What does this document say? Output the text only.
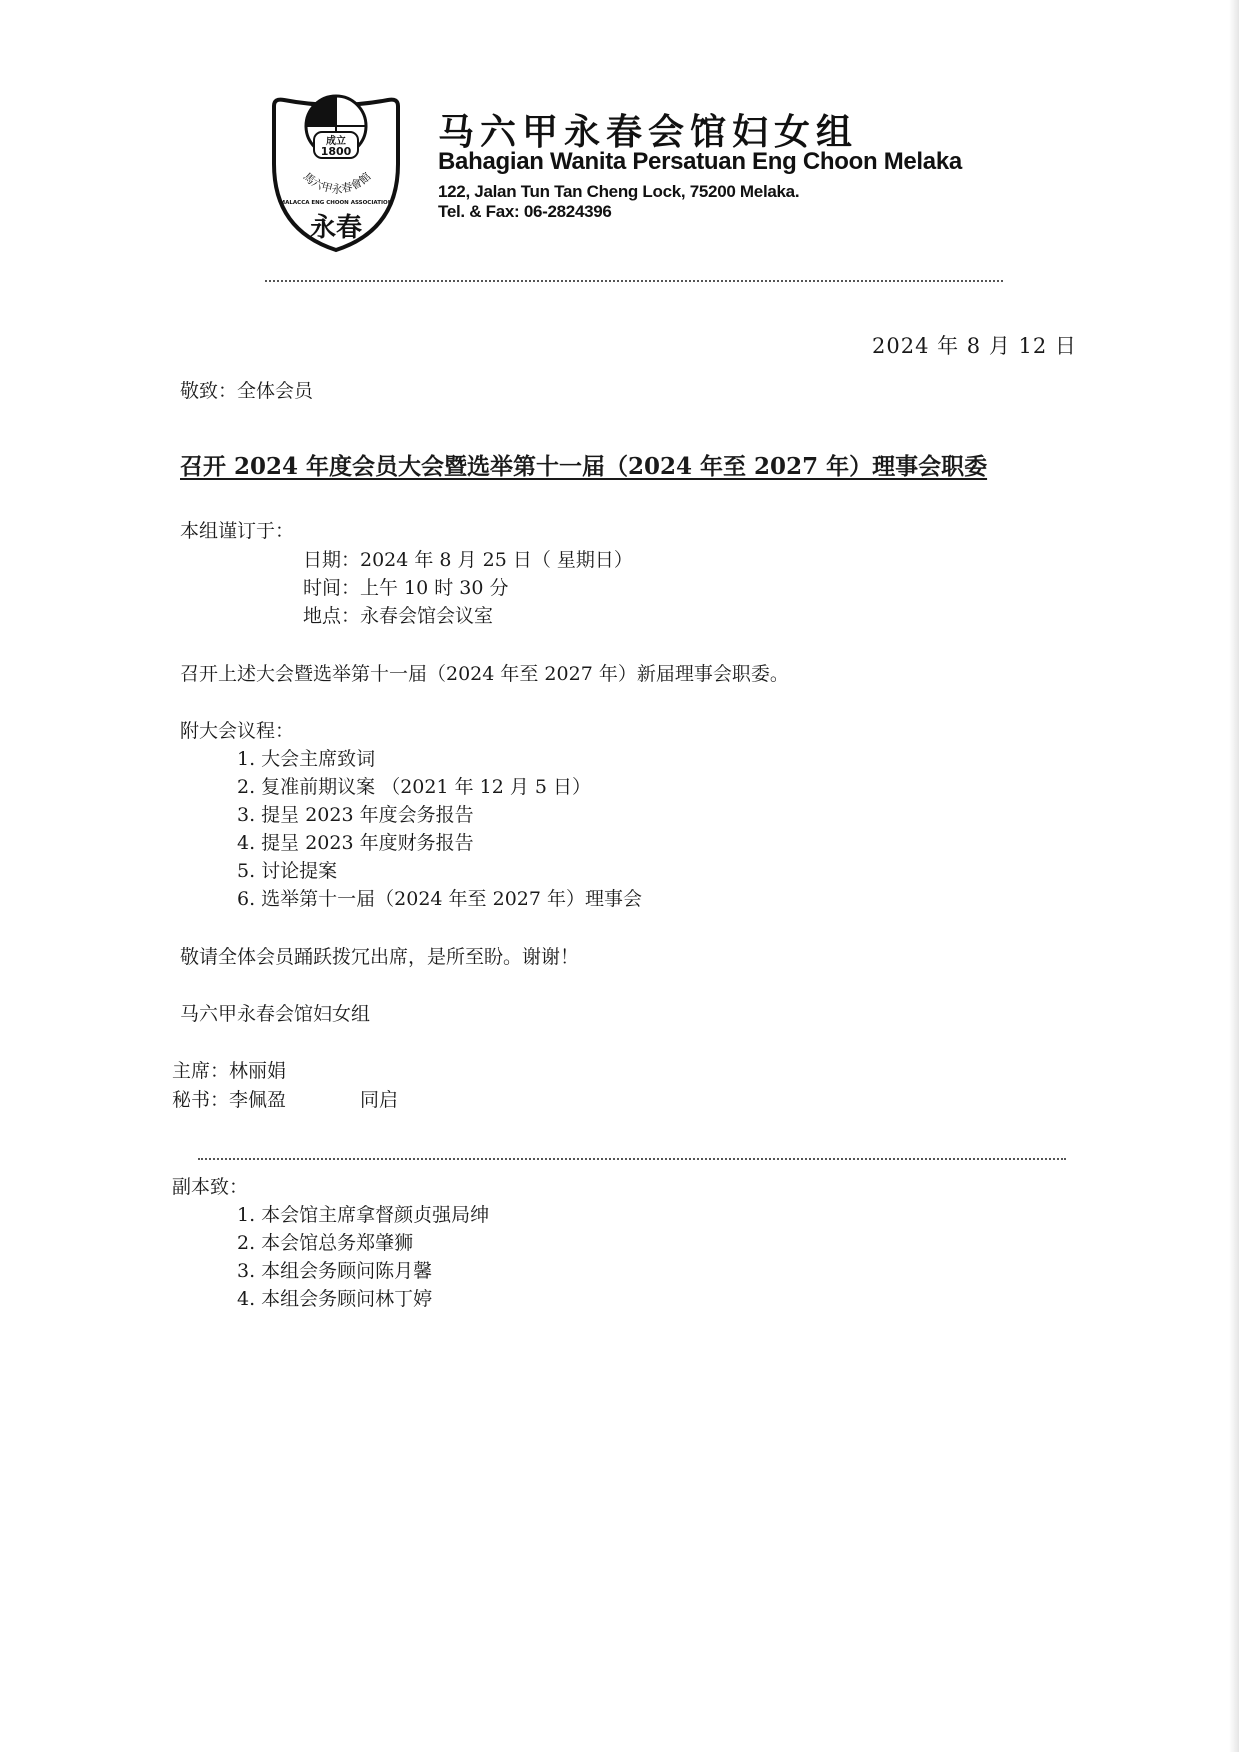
成立
1800
馬六甲永春會館
MALACCA ENG CHOON ASSOCIATION
永春
马六甲永春会馆妇女组
Bahagian Wanita Persatuan Eng Choon Melaka
122, Jalan Tun Tan Cheng Lock, 75200 Melaka.
Tel. & Fax: 06-2824396
2024 年 8 月 12 日
敬致：全体会员
召开 2024 年度会员大会暨选举第十一届（2024 年至 2027 年）理事会职委
本组谨订于：
日期：2024 年 8 月 25 日（ 星期日）
时间：上午 10 时 30 分
地点：永春会馆会议室
召开上述大会暨选举第十一届（2024 年至 2027 年）新届理事会职委。
附大会议程：
1. 大会主席致词
2. 复准前期议案 （2021 年 12 月 5 日）
3. 提呈 2023 年度会务报告
4. 提呈 2023 年度财务报告
5. 讨论提案
6. 选举第十一届（2024 年至 2027 年）理事会
敬请全体会员踊跃拨冗出席，是所至盼。谢谢！
马六甲永春会馆妇女组
主席：林丽娟
秘书：李佩盈	同启
副本致：
1. 本会馆主席拿督颜贞强局绅
2. 本会馆总务郑肇狮
3. 本组会务顾问陈月馨
4. 本组会务顾问林丁婷
